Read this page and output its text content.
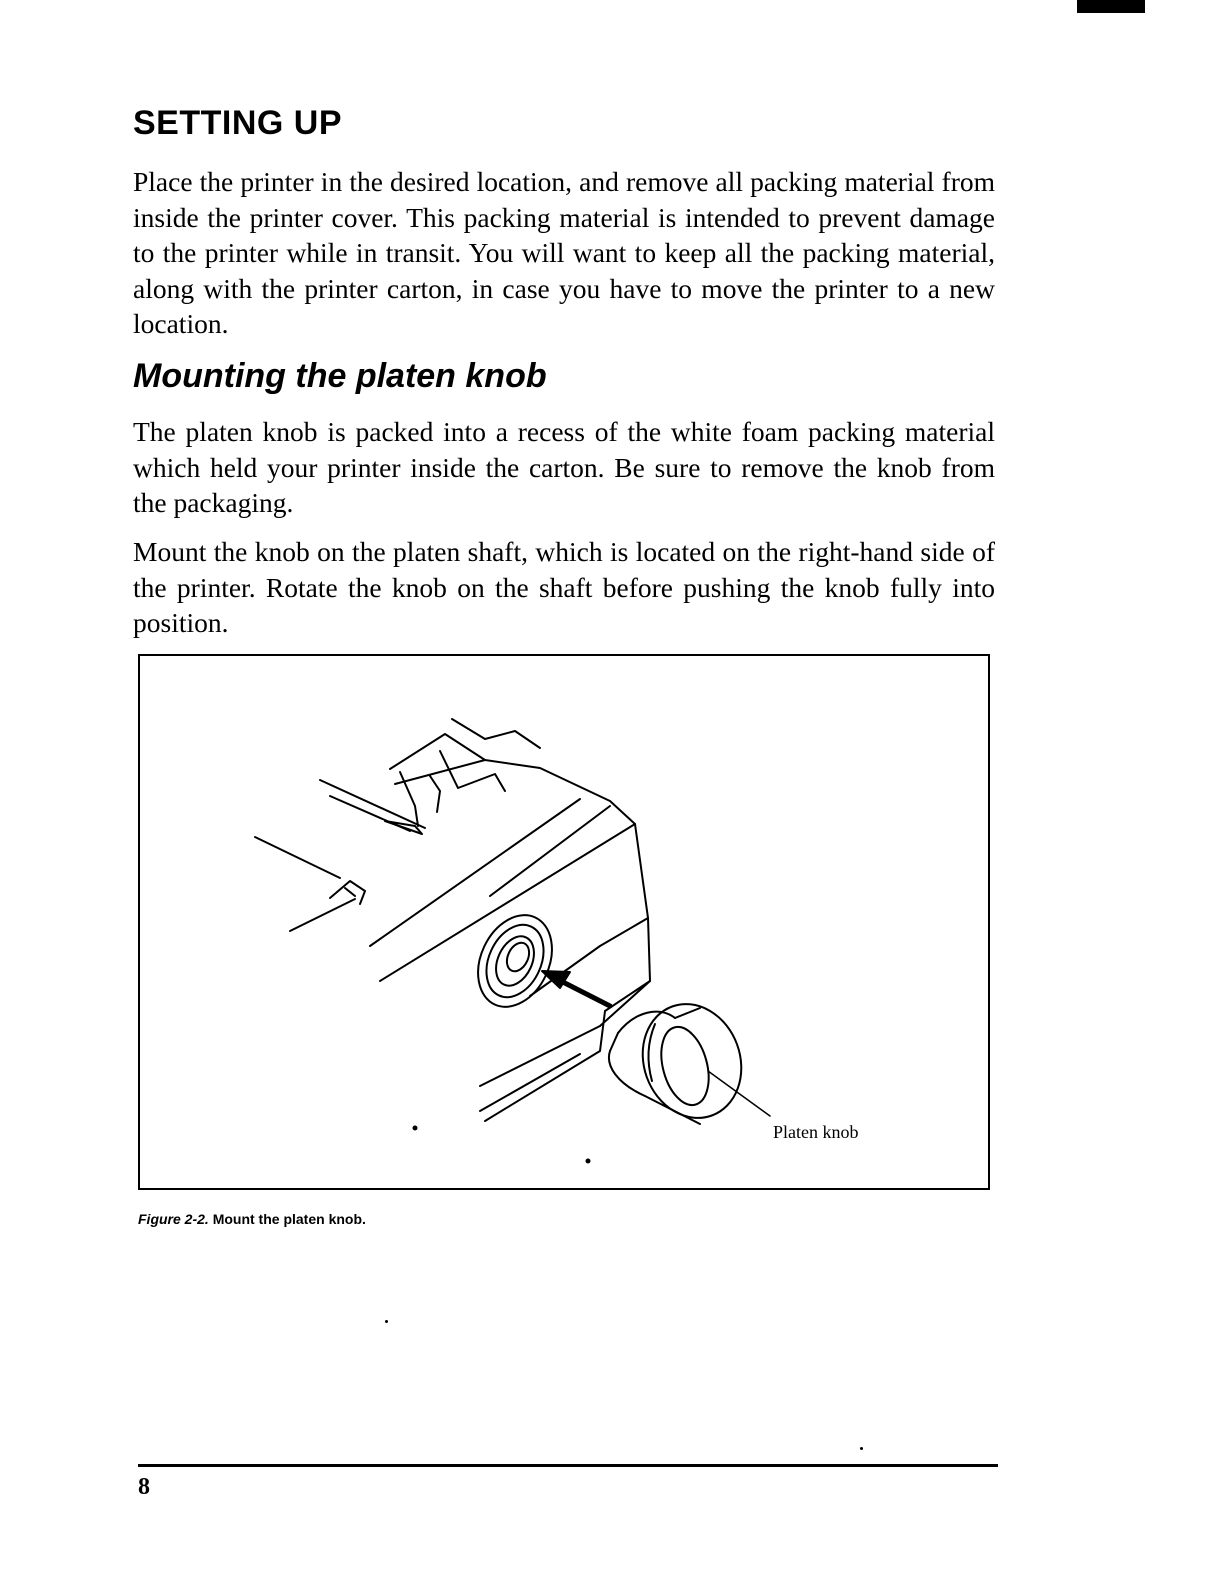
SETTING UP

Place the printer in the desired location, and remove all packing material from inside the printer cover. This packing material is intended to prevent damage to the printer while in transit. You will want to keep all the packing material, along with the printer carton, in case you have to move the printer to a new location.

Mounting the platen knob

The platen knob is packed into a recess of the white foam packing material which held your printer inside the carton. Be sure to remove the knob from the packaging.

Mount the knob on the platen shaft, which is located on the right-hand side of the printer. Rotate the knob on the shaft before pushing the knob fully into position.

Platen knob
Figure 2-2. Mount the platen knob.
8
